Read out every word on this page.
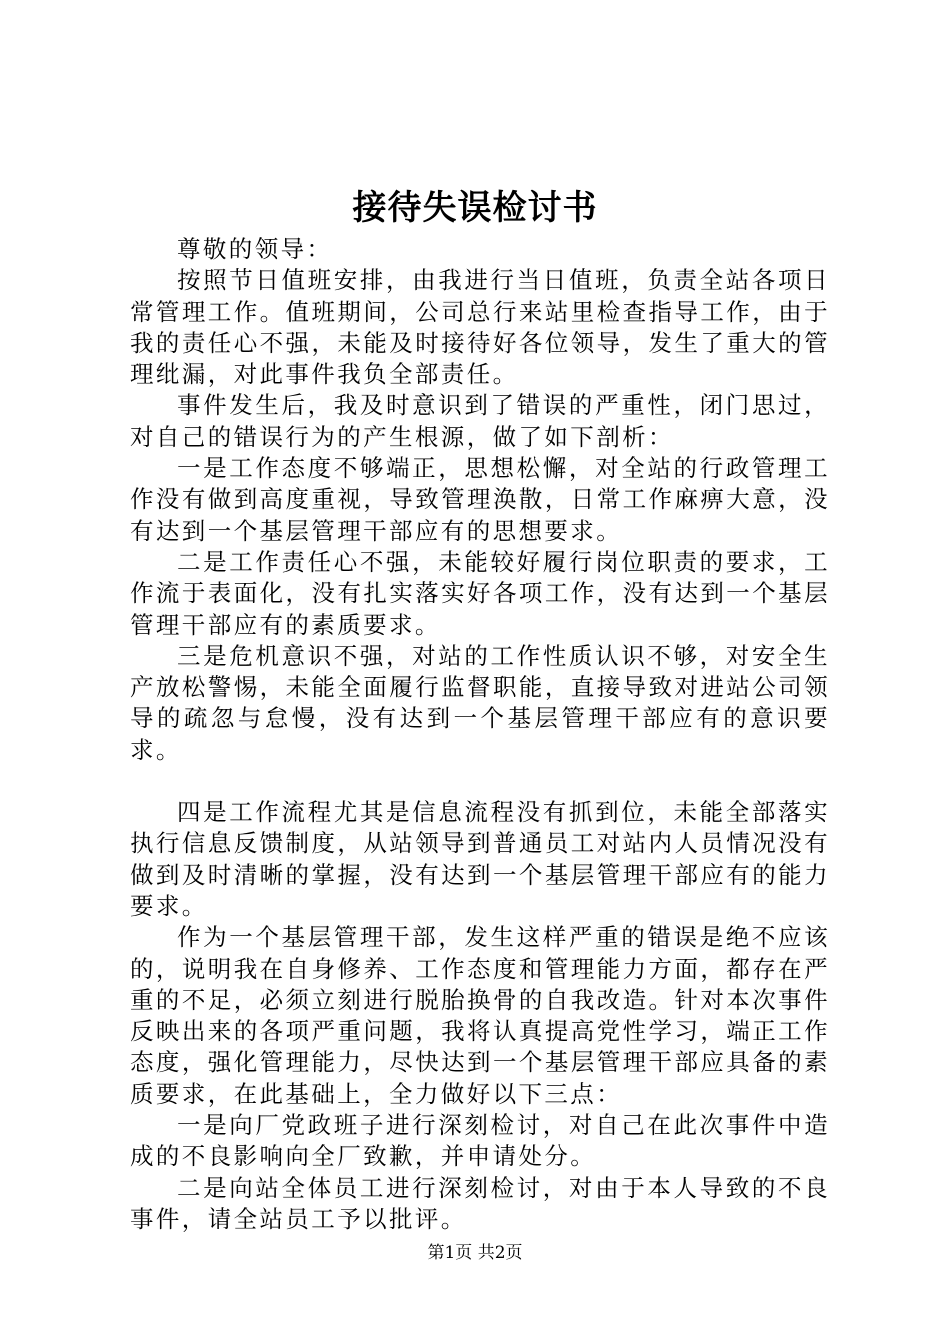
接待失误检讨书

尊敬的领导：

按照节日值班安排，由我进行当日值班，负责全站各项日常管理工作。值班期间，公司总行来站里检查指导工作，由于我的责任心不强，未能及时接待好各位领导，发生了重大的管理纰漏，对此事件我负全部责任。

事件发生后，我及时意识到了错误的严重性，闭门思过，对自己的错误行为的产生根源，做了如下剖析：

一是工作态度不够端正，思想松懈，对全站的行政管理工作没有做到高度重视，导致管理涣散，日常工作麻痹大意，没有达到一个基层管理干部应有的思想要求。

二是工作责任心不强，未能较好履行岗位职责的要求，工作流于表面化，没有扎实落实好各项工作，没有达到一个基层管理干部应有的素质要求。

三是危机意识不强，对站的工作性质认识不够，对安全生产放松警惕，未能全面履行监督职能，直接导致对进站公司领导的疏忽与怠慢，没有达到一个基层管理干部应有的意识要求。

四是工作流程尤其是信息流程没有抓到位，未能全部落实执行信息反馈制度，从站领导到普通员工对站内人员情况没有做到及时清晰的掌握，没有达到一个基层管理干部应有的能力要求。

作为一个基层管理干部，发生这样严重的错误是绝不应该的，说明我在自身修养、工作态度和管理能力方面，都存在严重的不足，必须立刻进行脱胎换骨的自我改造。针对本次事件反映出来的各项严重问题，我将认真提高党性学习，端正工作态度，强化管理能力，尽快达到一个基层管理干部应具备的素质要求，在此基础上，全力做好以下三点：

一是向厂党政班子进行深刻检讨，对自己在此次事件中造成的不良影响向全厂致歉，并申请处分。

二是向站全体员工进行深刻检讨，对由于本人导致的不良事件，请全站员工予以批评。

第1页 共2页
